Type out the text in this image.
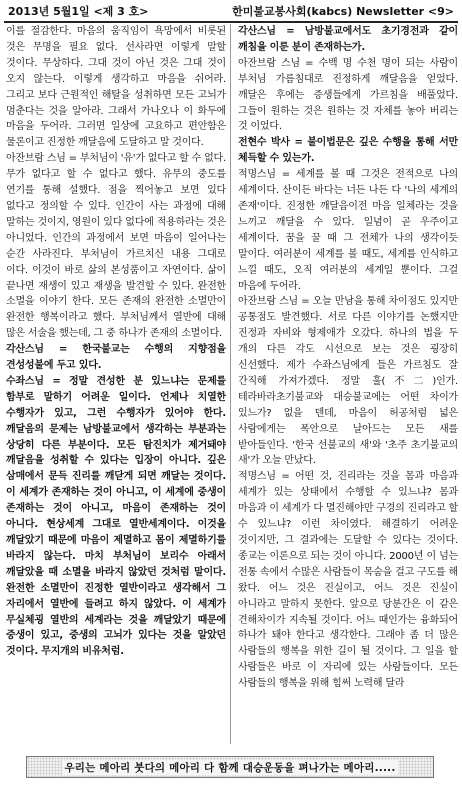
2013년 5월1일 <제 3 호>	한미불교봉사회(kabcs) Newsletter <9>

이를 절감한다. 마음의 움직임이 욕망에서 비롯된 것은 무명을 필요 없다. 선사라면 이렇게 말할 것이다. 무상하다. 그대 것이 아닌 것은 그대 것이 오지 않는다. 이렇게 생각하고 마음을 쉬어라. 그리고 보다 근원적인 해탈을 성취하면 모든 고뇌가 멈춘다는 것을 알아라. 그래서 가나오나 이 화두에 마음을 두어라. 그러면 일상에 고요하고 편안함은 물론이고 진정한 깨달음에 도달하고 말 것이다.

아잔브람 스님 = 부처님이 '유'가 없다고 할 수 없다. 무가 없다고 할 수 없다고 했다. 유무의 중도를 연기를 통해 설했다. 점을 찍어놓고 보면 있다 없다고 정의할 수 있다. 인간이 사는 과정에 대해 말하는 것이지, 영원이 있다 없다에 적용하라는 것은 아니었다. 인간의 과정에서 보면 마음이 일어나는 순간 사라진다. 부처님이 가르치신 내용 그대로 이다. 이것이 바로 삶의 본성품이고 자연이다. 삶이 끝나면 재생이 있고 재생을 발견할 수 있다. 완전한 소멸을 이야기 한다. 모든 존재의 완전한 소멸만이 완전한 행복이라고 했다. 부처님께서 열반에 대해 많은 서술을 했는데, 그 중 하나가 존재의 소멸이다.

각산스님 = 한국불교는 수행의 지향점을 견성성불에 두고 있다.

수좌스님 = 정말 견성한 분 있느냐는 문제를 함부로 말하기 어려운 일이다. 언제나 치열한 수행자가 있고, 그런 수행자가 있어야 한다. 깨달음의 문제는 남방불교에서 생각하는 부분과는 상당히 다른 부분이다. 모든 탐진치가 제거돼야 깨달음을 성취할 수 있다는 입장이 아니다. 깊은 삼매에서 문득 진리를 깨닫게 되면 깨달는 것이다. 이 세계가 존재하는 것이 아니고, 이 세계에 중생이 존재하는 것이 아니고, 마음이 존재하는 것이 아니다. 현상세계 그대로 열반세계이다. 이것을 깨달았기 때문에 마음이 제멸하고 몸이 제멸하기를 바라지 않는다. 마치 부처님이 보리수 아래서 깨달았을 때 소멸을 바라지 않았던 것처럼 말이다. 완전한 소멸만이 진정한 열반이라고 생각해서 그 자리에서 열반에 들려고 하지 않았다. 이 세계가 무실체굉 열반의 세계라는 것을 깨달았기 때문에 중생이 있고, 중생의 고뇌가 있다는 것을 알았던 것이다. 무지개의 비유처럼.

각산스님 = 남방불교에서도 초기경전과 같이 깨침을 이룬 분이 존재하는가.

아잔브람 스님 = 수백 명 수천 명이 되는 사람이 부처님 가름침대로 진정하게 깨달음을 얻었다. 깨달은 후에는 증생들에게 가르침을 배풀었다. 그들이 원하는 것은 원하는 것 자체를 놓아 버리는 것 이었다.

전현수 박사 = 불이법문은 깊은 수행을 통해 서만 체득할 수 있는가.

적명스님 = 세계를 볼 때 그것은 전적으로 나의 세계이다. 산이든 바다는 너든 나든 다 '나의 세계의 존재'이다. 진정한 깨달음이전 마음 일체라는 것을 느끼고 깨달을 수 있다. 일념이 곧 우주이고 세계이다. 꿈을 꿀 때 그 전체가 나의 생각이듯 말이다. 여러분이 세계를 볼 때도, 세계를 인식하고 느낄 때도, 오직 여러분의 세계일 뿐이다. 그걸 마음에 두어라.

아잔브람 스님 = 오늘 만남을 통해 차이점도 있지만 공통점도 발견했다. 서로 다른 이야기를 논했지만 진정과 자비와 형제애가 오갔다. 하나의 법을 두 개의 다른 각도 시선으로 보는 것은 굉장히 신선했다. 제가 수좌스님에게 들은 가르침도 잘 간직해 가져가겠다. 정말 훌(不二)인가. 테라바라초기불교와 대승불교에는 어떤 차이가 있느가? 없을 덴데, 마음이 허공처럼 넓은 사람에게는 폭안으로 날아드는 모든 새를 받아들인다. '한국 선불교의 새'와 '초주 초기불교의 새'가 오늘 만났다.

적명스님 = 어떤 것, 진리라는 것을 몸과 마음과 세계가 있는 상태에서 수행할 수 있느냐? 몸과 마음과 이 세계가 다 멸진해야만 구경의 진리라고 할 수 있느냐? 이런 차이였다. 해결하기 어려운 것이지만, 그 결과에는 도달할 수 있다는 것이다. 종교는 이론으로 되는 것이 아니다. 2000년 이 넘는 전통 속에서 수많은 사람들이 목숨을 걸고 구도를 해 왔다. 어느 것은 진실이고, 어느 것은 진실이 아니라고 말하지 못한다. 앞으로 당분간은 이 같은 견해차이가 지속될 것이다. 어느 때인가는 융화되어 하나가 돼야 한다고 생각한다. 그래야 좀 더 많은 사람들의 행복을 위한 길이 될 것이다. 그 일을 할 사람들은 바로 이 자리에 있는 사람들이다. 모든 사람들의 행복을 위해 힘써 노력해 달라

우리는 메아리 붓다의 메아리 다 함께 대승운동을 펴나가는 메아리.....
